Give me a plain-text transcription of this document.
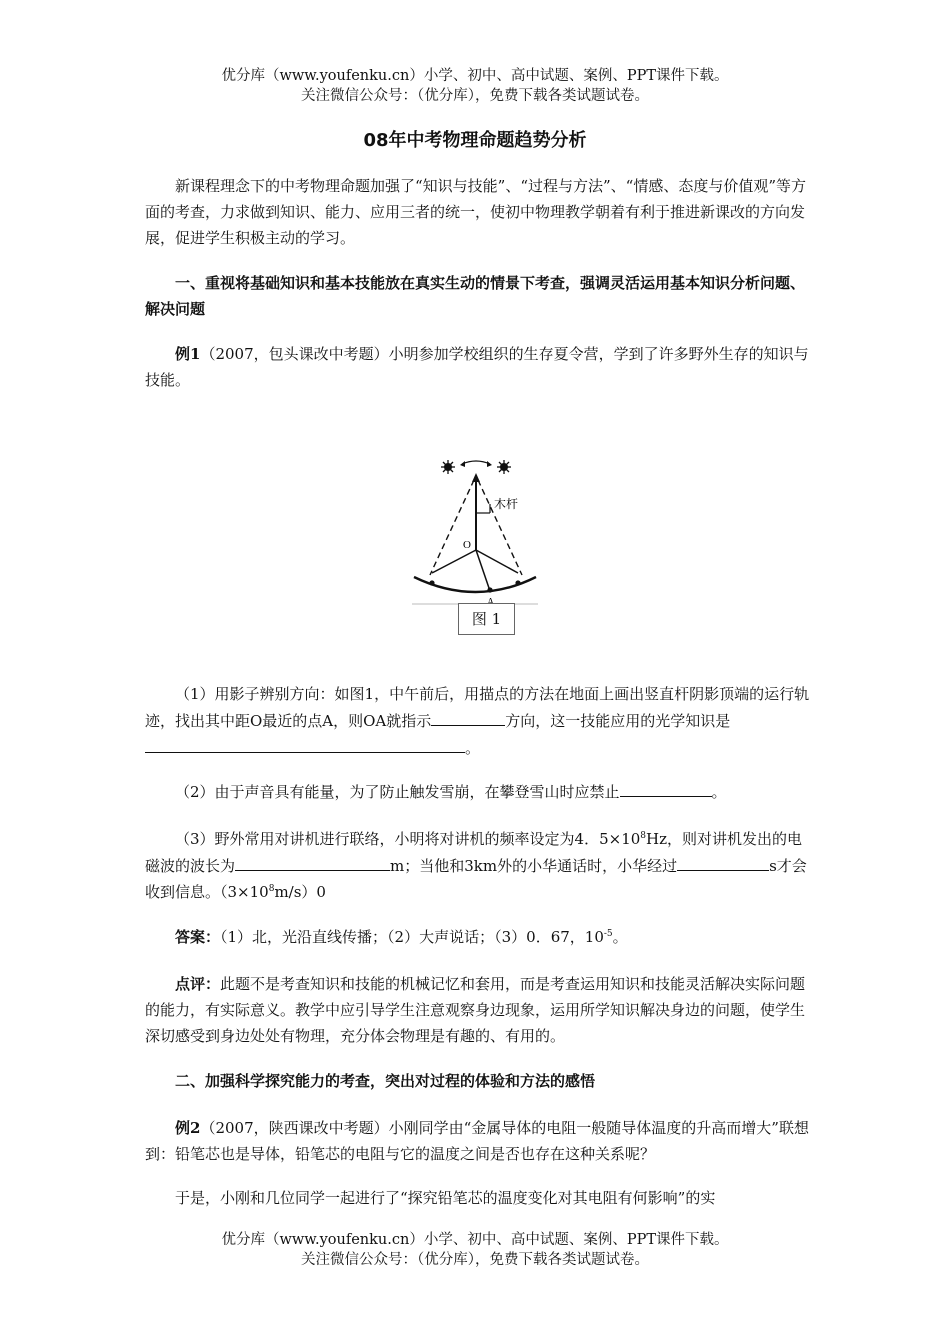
优分库（www.youfenku.cn）小学、初中、高中试题、案例、PPT课件下载。
关注微信公众号：（优分库），免费下载各类试题试卷。
08年中考物理命题趋势分析

新课程理念下的中考物理命题加强了“知识与技能”、“过程与方法”、“情感、态度与价值观”等方面的考查，力求做到知识、能力、应用三者的统一，使初中物理教学朝着有利于推进新课改的方向发展，促进学生积极主动的学习。

一、重视将基础知识和基本技能放在真实生动的情景下考查，强调灵活运用基本知识分析问题、解决问题

例1（2007，包头课改中考题）小明参加学校组织的生存夏令营，学到了许多野外生存的知识与技能。

木杆
O
图 1

（1）用影子辨别方向：如图1，中午前后，用描点的方法在地面上画出竖直杆阴影顶端的运行轨迹，找出其中距O最近的点A，则OA就指示	方向，这一技能应用的光学知识是。

（2）由于声音具有能量，为了防止触发雪崩，在攀登雪山时应禁止	。

（3）野外常用对讲机进行联络，小明将对讲机的频率设定为4．$5\times 10^8Hz$，则对讲机发出的电磁波的波长为	m；当他和3km外的小华通话时，小华经过	s才会收到信息。$(3\times 10^8m/s)0$

答案：（1）北，光沿直线传播；（2）大声说话；（3）0．67，$10^{-5}$。

点评：此题不是考查知识和技能的机械记忆和套用，而是考查运用知识和技能灵活解决实际问题的能力，有实际意义。教学中应引导学生注意观察身边现象，运用所学知识解决身边的问题，使学生深切感受到身边处处有物理，充分体会物理是有趣的、有用的。

二、加强科学探究能力的考查，突出对过程的体验和方法的感悟

例2（2007，陕西课改中考题）小刚同学由“金属导体的电阻一般随导体温度的升高而增大”联想到：铅笔芯也是导体，铅笔芯的电阻与它的温度之间是否也存在这种关系呢？

于是，小刚和几位同学一起进行了“探究铅笔芯的温度变化对其电阻有何影响”的实

优分库（www.youfenku.cn）小学、初中、高中试题、案例、PPT课件下载。
关注微信公众号：（优分库），免费下载各类试题试卷。
